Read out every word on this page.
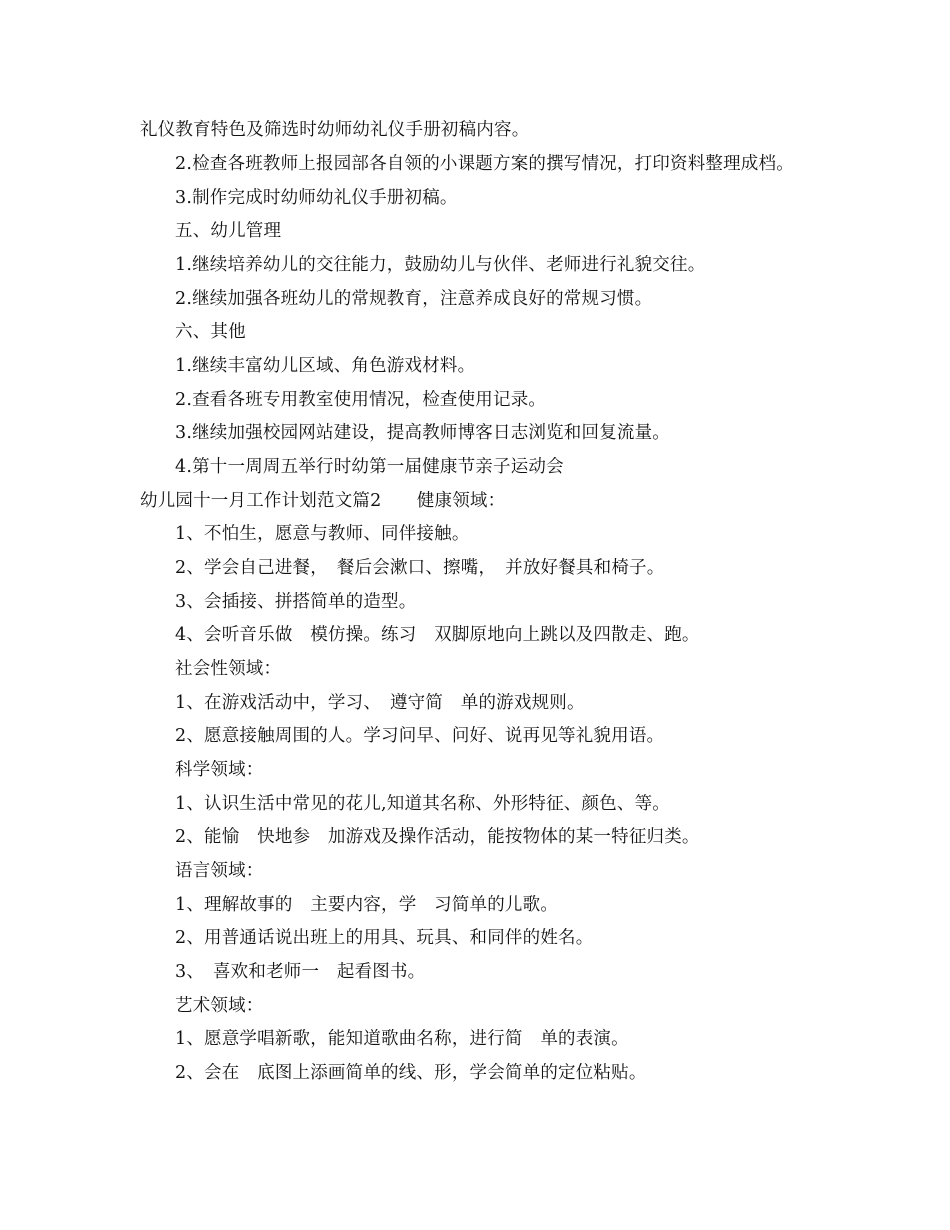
礼仪教育特色及筛选时幼师幼礼仪手册初稿内容。
2.检查各班教师上报园部各自领的小课题方案的撰写情况，打印资料整理成档。
3.制作完成时幼师幼礼仪手册初稿。
五、幼儿管理
1.继续培养幼儿的交往能力，鼓励幼儿与伙伴、老师进行礼貌交往。
2.继续加强各班幼儿的常规教育，注意养成良好的常规习惯。
六、其他
1.继续丰富幼儿区域、角色游戏材料。
2.查看各班专用教室使用情况，检查使用记录。
3.继续加强校园网站建设，提高教师博客日志浏览和回复流量。
4.第十一周周五举行时幼第一届健康节亲子运动会
幼儿园十一月工作计划范文篇2　　健康领域：
1、不怕生，愿意与教师、同伴接触。
2、学会自己进餐，　餐后会漱口、擦嘴，　并放好餐具和椅子。
3、会插接、拼搭简单的造型。
4、会听音乐做　模仿操。练习　双脚原地向上跳以及四散走、跑。
社会性领域：
1、在游戏活动中，学习、　遵守简　单的游戏规则。
2、愿意接触周围的人。学习问早、问好、说再见等礼貌用语。
科学领域：
1、认识生活中常见的花儿,知道其名称、外形特征、颜色、等。
2、能愉　快地参　加游戏及操作活动，能按物体的某一特征归类。
语言领域：
1、理解故事的　主要内容，学　习简单的儿歌。
2、用普通话说出班上的用具、玩具、和同伴的姓名。
3、　喜欢和老师一　起看图书。
艺术领域：
1、愿意学唱新歌，能知道歌曲名称，进行简　单的表演。
2、会在　底图上添画简单的线、形，学会简单的定位粘贴。
